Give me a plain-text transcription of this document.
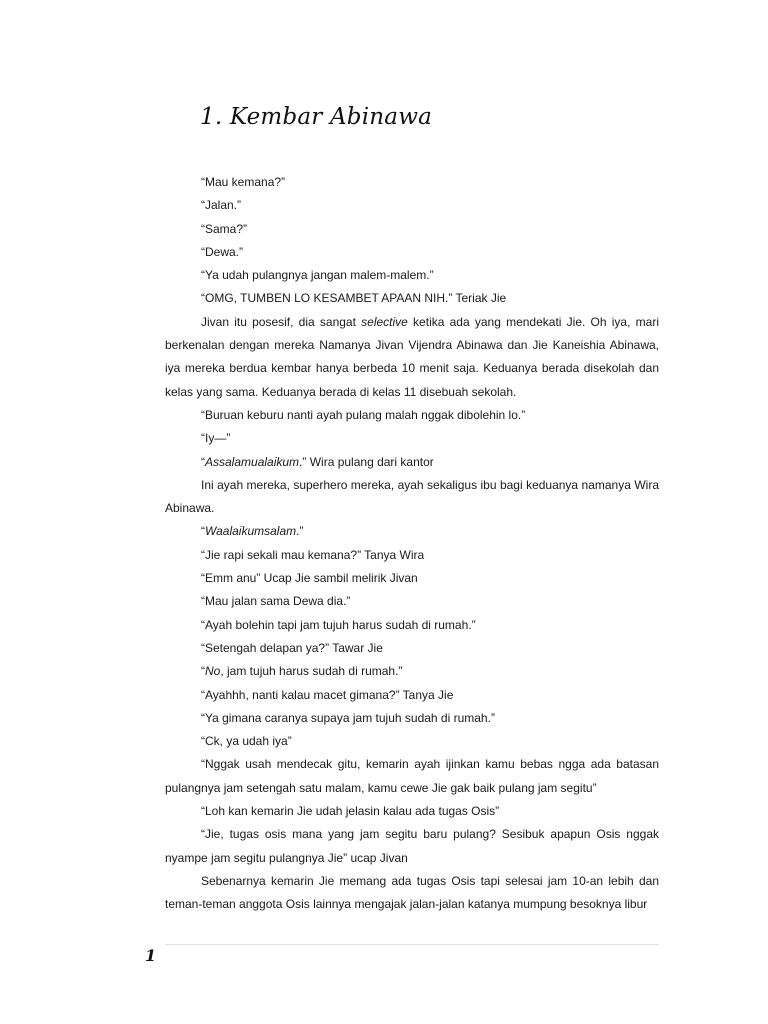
1. Kembar Abinawa

“Mau kemana?”

“Jalan.”

“Sama?”

“Dewa.”

“Ya udah pulangnya jangan malem-malem.”

“OMG, TUMBEN LO KESAMBET APAAN NIH.” Teriak Jie

Jivan itu posesif, dia sangat selective ketika ada yang mendekati Jie. Oh iya, mari berkenalan dengan mereka Namanya Jivan Vijendra Abinawa dan Jie Kaneishia Abinawa, iya mereka berdua kembar hanya berbeda 10 menit saja. Keduanya berada disekolah dan kelas yang sama. Keduanya berada di kelas 11 disebuah sekolah.

“Buruan keburu nanti ayah pulang malah nggak dibolehin lo.”

“Iy—”

“Assalamualaikum.” Wira pulang dari kantor

Ini ayah mereka, superhero mereka, ayah sekaligus ibu bagi keduanya namanya Wira Abinawa.

“Waalaikumsalam.”

“Jie rapi sekali mau kemana?” Tanya Wira

“Emm anu” Ucap Jie sambil melirik Jivan

“Mau jalan sama Dewa dia.”

“Ayah bolehin tapi jam tujuh harus sudah di rumah.”

“Setengah delapan ya?” Tawar Jie

“No, jam tujuh harus sudah di rumah.”

“Ayahhh, nanti kalau macet gimana?” Tanya Jie

“Ya gimana caranya supaya jam tujuh sudah di rumah.”

“Ck, ya udah iya”

“Nggak usah mendecak gitu, kemarin ayah ijinkan kamu bebas ngga ada batasan pulangnya jam setengah satu malam, kamu cewe Jie gak baik pulang jam segitu”

“Loh kan kemarin Jie udah jelasin kalau ada tugas Osis”

“Jie, tugas osis mana yang jam segitu baru pulang? Sesibuk apapun Osis nggak nyampe jam segitu pulangnya Jie” ucap Jivan

Sebenarnya kemarin Jie memang ada tugas Osis tapi selesai jam 10-an lebih dan teman-teman anggota Osis lainnya mengajak jalan-jalan katanya mumpung besoknya libur

1
